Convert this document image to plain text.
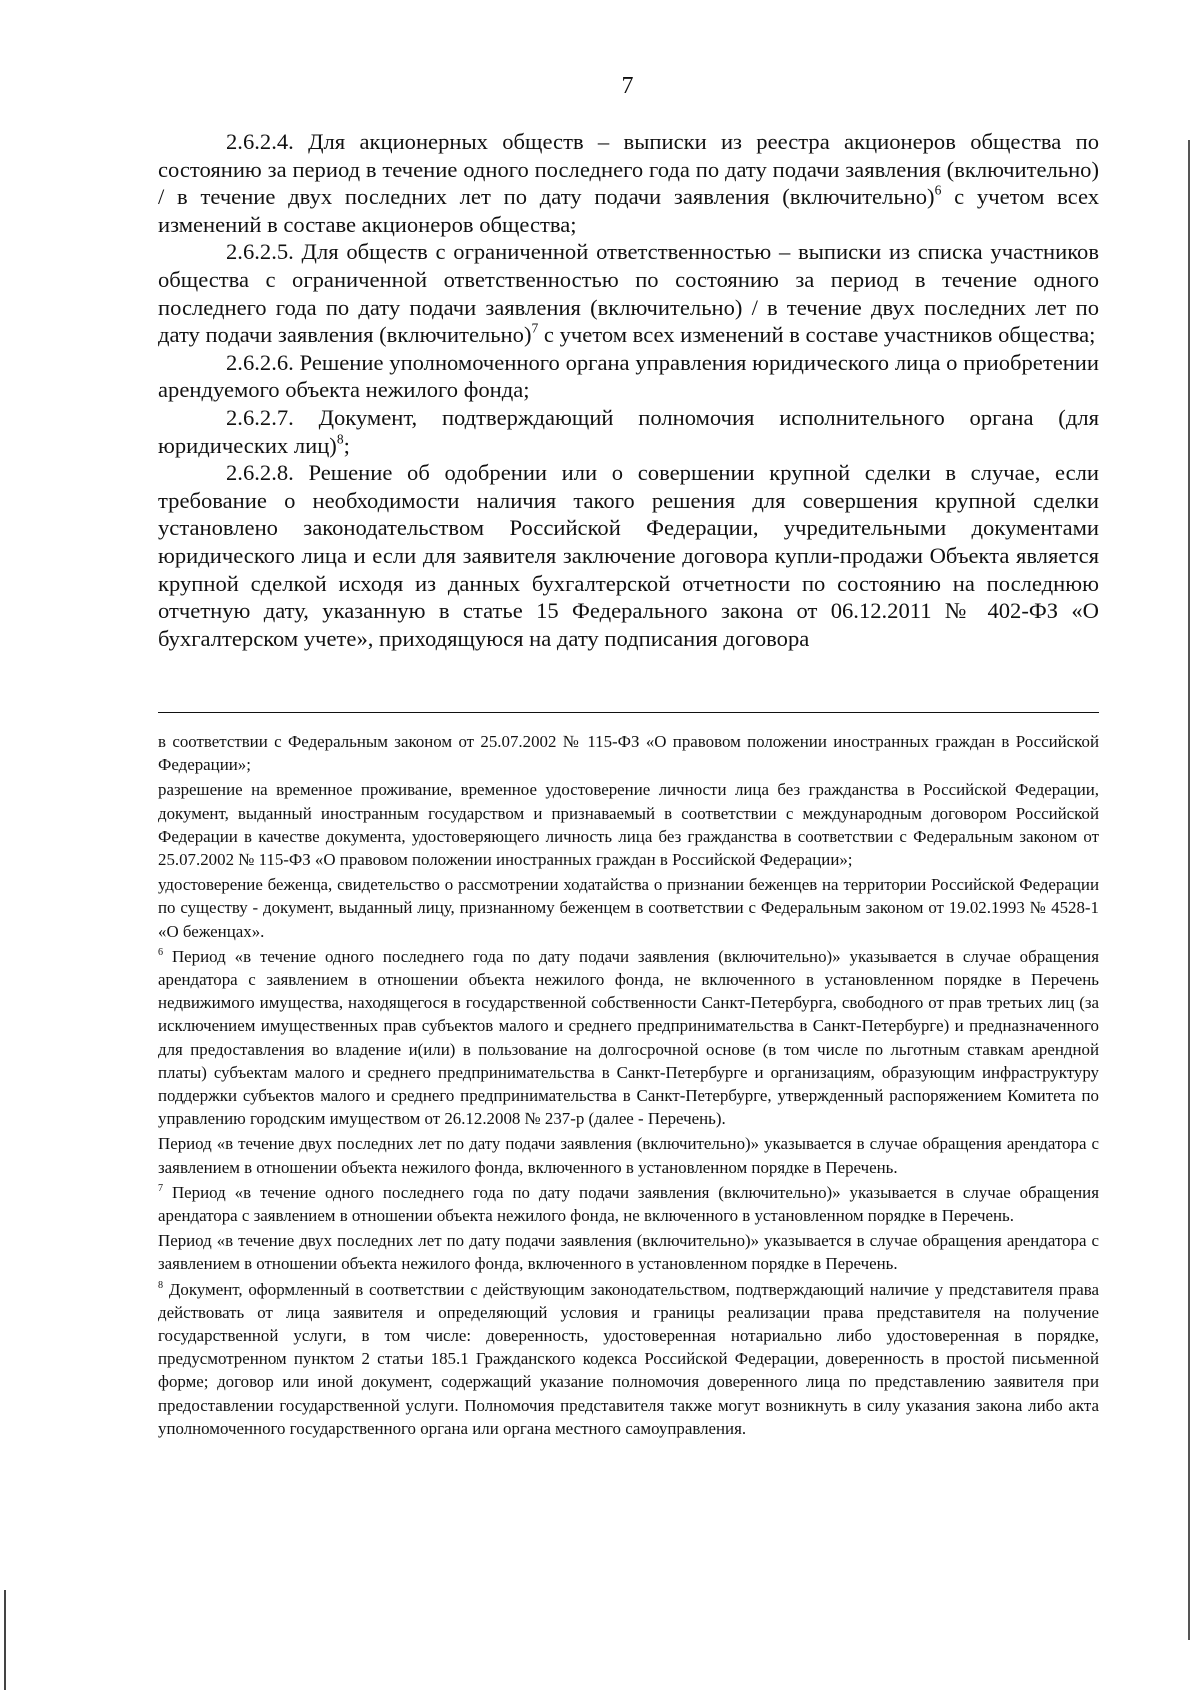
7

2.6.2.4. Для акционерных обществ – выписки из реестра акционеров общества по состоянию за период в течение одного последнего года по дату подачи заявления (включительно) / в течение двух последних лет по дату подачи заявления (включительно)$^6$ с учетом всех изменений в составе акционеров общества;

2.6.2.5. Для обществ с ограниченной ответственностью – выписки из списка участников общества с ограниченной ответственностью по состоянию за период в течение одного последнего года по дату подачи заявления (включительно) / в течение двух последних лет по дату подачи заявления (включительно)$^7$ с учетом всех изменений в составе участников общества;

2.6.2.6. Решение уполномоченного органа управления юридического лица о приобретении арендуемого объекта нежилого фонда;

2.6.2.7. Документ, подтверждающий полномочия исполнительного органа (для юридических лиц)$^8$;

2.6.2.8. Решение об одобрении или о совершении крупной сделки в случае, если требование о необходимости наличия такого решения для совершения крупной сделки установлено законодательством Российской Федерации, учредительными документами юридического лица и если для заявителя заключение договора купли-продажи Объекта является крупной сделкой исходя из данных бухгалтерской отчетности по состоянию на последнюю отчетную дату, указанную в статье 15 Федерального закона от 06.12.2011 № 402-ФЗ «О бухгалтерском учете», приходящуюся на дату подписания договора

в соответствии с Федеральным законом от 25.07.2002 № 115-ФЗ «О правовом положении иностранных граждан в Российской Федерации»;

разрешение на временное проживание, временное удостоверение личности лица без гражданства в Российской Федерации, документ, выданный иностранным государством и признаваемый в соответствии с международным договором Российской Федерации в качестве документа, удостоверяющего личность лица без гражданства в соответствии с Федеральным законом от 25.07.2002 № 115-ФЗ «О правовом положении иностранных граждан в Российской Федерации»;

удостоверение беженца, свидетельство о рассмотрении ходатайства о признании беженцев на территории Российской Федерации по существу - документ, выданный лицу, признанному беженцем в соответствии с Федеральным законом от 19.02.1993 № 4528-1 «О беженцах».

$^6$ Период «в течение одного последнего года по дату подачи заявления (включительно)» указывается в случае обращения арендатора с заявлением в отношении объекта нежилого фонда, не включенного в установленном порядке в Перечень недвижимого имущества, находящегося в государственной собственности Санкт-Петербурга, свободного от прав третьих лиц (за исключением имущественных прав субъектов малого и среднего предпринимательства в Санкт-Петербурге) и предназначенного для предоставления во владение и(или) в пользование на долгосрочной основе (в том числе по льготным ставкам арендной платы) субъектам малого и среднего предпринимательства в Санкт-Петербурге и организациям, образующим инфраструктуру поддержки субъектов малого и среднего предпринимательства в Санкт-Петербурге, утвержденный распоряжением Комитета по управлению городским имуществом от 26.12.2008 № 237-р (далее - Перечень).

Период «в течение двух последних лет по дату подачи заявления (включительно)» указывается в случае обращения арендатора с заявлением в отношении объекта нежилого фонда, включенного в установленном порядке в Перечень.

$^7$ Период «в течение одного последнего года по дату подачи заявления (включительно)» указывается в случае обращения арендатора с заявлением в отношении объекта нежилого фонда, не включенного в установленном порядке в Перечень.

Период «в течение двух последних лет по дату подачи заявления (включительно)» указывается в случае обращения арендатора с заявлением в отношении объекта нежилого фонда, включенного в установленном порядке в Перечень.

$^8$ Документ, оформленный в соответствии с действующим законодательством, подтверждающий наличие у представителя права действовать от лица заявителя и определяющий условия и границы реализации права представителя на получение государственной услуги, в том числе: доверенность, удостоверенная нотариально либо удостоверенная в порядке, предусмотренном пунктом 2 статьи 185.1 Гражданского кодекса Российской Федерации, доверенность в простой письменной форме; договор или иной документ, содержащий указание полномочия доверенного лица по представлению заявителя при предоставлении государственной услуги. Полномочия представителя также могут возникнуть в силу указания закона либо акта уполномоченного государственного органа или органа местного самоуправления.
